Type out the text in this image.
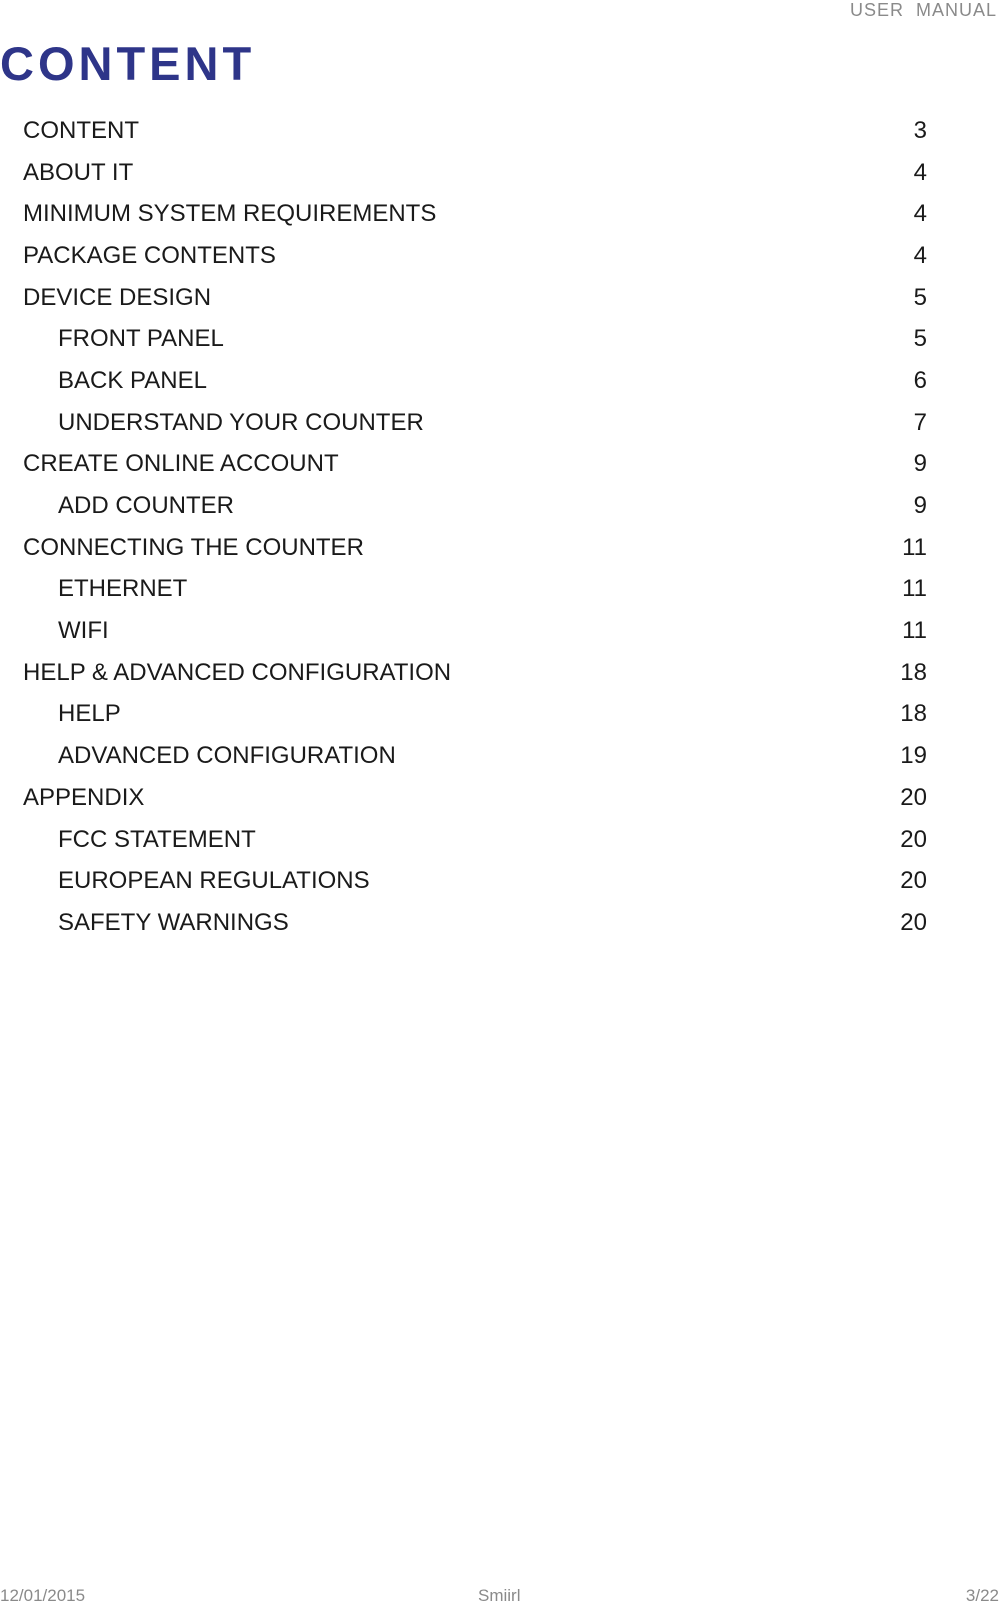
USER MANUAL
CONTENT
CONTENT	3
ABOUT IT	4
MINIMUM SYSTEM REQUIREMENTS	4
PACKAGE CONTENTS	4
DEVICE DESIGN	5
FRONT PANEL	5
BACK PANEL	6
UNDERSTAND YOUR COUNTER	7
CREATE ONLINE ACCOUNT	9
ADD COUNTER	9
CONNECTING THE COUNTER	11
ETHERNET	11
WIFI	11
HELP & ADVANCED CONFIGURATION	18
HELP	18
ADVANCED CONFIGURATION	19
APPENDIX	20
FCC STATEMENT	20
EUROPEAN REGULATIONS	20
SAFETY WARNINGS	20
12/01/2015	Smiirl	3/22
